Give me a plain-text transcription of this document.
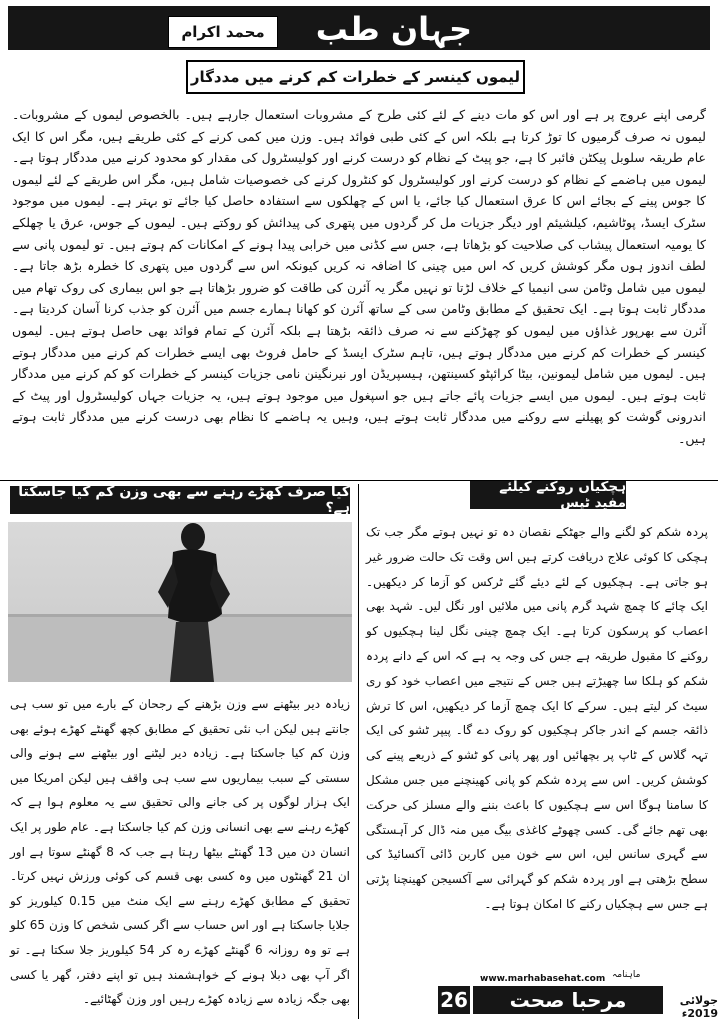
جہان طب
محمد اکرام
لیموں کینسر کے خطرات کم کرنے میں مددگار

گرمی اپنے عروج پر ہے اور اس کو مات دینے کے لئے کئی طرح کے مشروبات استعمال جارہے ہیں۔ بالخصوص لیموں کے مشروبات۔ لیموں نہ صرف گرمیوں کا توڑ کرتا ہے بلکہ اس کے کئی طبی فوائد ہیں۔ وزن میں کمی کرنے کے کئی طریقے ہیں، مگر اس کا ایک عام طریقہ سلوبل پیکٹن فائبر کا ہے، جو پیٹ کے نظام کو درست کرنے اور کولیسٹرول کی مقدار کو محدود کرنے میں مددگار ہوتا ہے۔ لیموں میں ہاضمے کے نظام کو درست کرنے اور کولیسٹرول کو کنٹرول کرنے کی خصوصیات شامل ہیں، مگر اس طریقے کے لئے لیموں کا جوس پینے کے بجائے اس کا عرق استعمال کیا جائے، یا اس کے چھلکوں سے استفادہ حاصل کیا جائے تو بہتر ہے۔ لیموں میں موجود سٹرک ایسڈ، پوٹاشیم، کیلشیئم اور دیگر جزیات مل کر گردوں میں پتھری کی پیدائش کو روکتے ہیں۔ لیموں کے جوس، عرق یا چھلکے کا یومیہ استعمال پیشاب کی صلاحیت کو بڑھاتا ہے، جس سے کڈنی میں خرابی پیدا ہونے کے امکانات کم ہوتے ہیں۔ تو لیموں پانی سے لطف اندوز ہوں مگر کوشش کریں کہ اس میں چینی کا اضافہ نہ کریں کیونکہ اس سے گردوں میں پتھری کا خطرہ بڑھ جاتا ہے۔ لیموں میں شامل وٹامن سی انیمیا کے خلاف لڑتا تو نہیں مگر یہ آئرن کی طاقت کو ضرور بڑھاتا ہے جو اس بیماری کی روک تھام میں مددگار ثابت ہوتا ہے۔ ایک تحقیق کے مطابق وٹامن سی کے ساتھ آئرن کو کھانا ہمارے جسم میں آئرن کو جذب کرنا آسان کردیتا ہے۔ آئرن سے بھرپور غذاؤں میں لیموں کو چھڑکنے سے نہ صرف ذائقہ بڑھتا ہے بلکہ آئرن کے تمام فوائد بھی حاصل ہوتے ہیں۔ لیموں کینسر کے خطرات کم کرنے میں مددگار ہوتے ہیں، تاہم سٹرک ایسڈ کے حامل فروٹ بھی ایسے خطرات کم کرنے میں مددگار ہوتے ہیں۔ لیموں میں شامل لیمونین، بیٹا کرائپٹو کسینتھن، ہیسپریڈن اور نیرنگینن نامی جزیات کینسر کے خطرات کو کم کرنے میں مددگار ثابت ہوتے ہیں۔ لیموں میں ایسے جزیات پائے جاتے ہیں جو اسپغول میں موجود ہوتے ہیں، یہ جزیات جہاں کولیسٹرول اور پیٹ کے اندرونی گوشت کو پھیلنے سے روکنے میں مددگار ثابت ہوتے ہیں، وہیں یہ ہاضمے کا نظام بھی درست کرنے میں مددگار ثابت ہوتے ہیں۔

کیا صرف کھڑے رہنے سے بھی وزن کم کیا جاسکتا ہے؟

زیادہ دیر بیٹھنے سے وزن بڑھنے کے رجحان کے بارے میں تو سب ہی جانتے ہیں لیکن اب نئی تحقیق کے مطابق کچھ گھنٹے کھڑے ہوئے بھی وزن کم کیا جاسکتا ہے۔ زیادہ دیر لیٹنے اور بیٹھنے سے ہونے والی سستی کے سبب بیماریوں سے سب ہی واقف ہیں لیکن امریکا میں ایک ہزار لوگوں پر کی جانے والی تحقیق سے یہ معلوم ہوا ہے کہ کھڑے رہنے سے بھی انسانی وزن کم کیا جاسکتا ہے۔ عام طور پر ایک انسان دن میں 13 گھنٹے بیٹھا رہتا ہے جب کہ 8 گھنٹے سوتا ہے اور ان 21 گھنٹوں میں وہ کسی بھی قسم کی کوئی ورزش نہیں کرتا۔ تحقیق کے مطابق کھڑے رہنے سے ایک منٹ میں 0.15 کیلوریز کو جلایا جاسکتا ہے اور اس حساب سے اگر کسی شخص کا وزن 65 کلو ہے تو وہ روزانہ 6 گھنٹے کھڑے رہ کر 54 کیلوریز جلا سکتا ہے۔ تو اگر آپ بھی دبلا ہونے کے خواہشمند ہیں تو اپنے دفتر، گھر یا کسی بھی جگہ زیادہ سے زیادہ کھڑے رہیں اور وزن گھٹائیے۔

ہچکیاں روکنے کیلئے مفید ٹپس

پردہ شکم کو لگنے والے جھٹکے نقصان دہ تو نہیں ہوتے مگر جب تک ہچکی کا کوئی علاج دریافت کرتے ہیں اس وقت تک حالت ضرور غیر ہو جاتی ہے۔ ہچکیوں کے لئے دیئے گئے ٹرکس کو آزما کر دیکھیں۔ ایک چائے کا چمچ شہد گرم پانی میں ملائیں اور نگل لیں۔ شہد بھی اعصاب کو پرسکون کرتا ہے۔ ایک چمچ چینی نگل لینا ہچکیوں کو روکنے کا مقبول طریقہ ہے جس کی وجہ یہ ہے کہ اس کے دانے پردہ شکم کو ہلکا سا چھیڑتے ہیں جس کے نتیجے میں اعصاب خود کو ری سیٹ کر لیتے ہیں۔ سرکے کا ایک چمچ آزما کر دیکھیں، اس کا ترش ذائقہ جسم کے اندر جاکر ہچکیوں کو روک دے گا۔ پیپر ٹشو کی ایک تہہ گلاس کے ٹاپ پر بچھائیں اور پھر پانی کو ٹشو کے ذریعے پینے کی کوشش کریں۔ اس سے پردہ شکم کو پانی کھینچنے میں جس مشکل کا سامنا ہوگا اس سے ہچکیوں کا باعث بننے والے مسلز کی حرکت بھی تھم جائے گی۔ کسی چھوٹے کاغذی بیگ میں منہ ڈال کر آہستگی سے گہری سانس لیں، اس سے خون میں کاربن ڈائی آکسائیڈ کی سطح بڑھتی ہے اور پردہ شکم کو گہرائی سے آکسیجن کھینچنا پڑتی ہے جس سے ہچکیاں رکنے کا امکان ہوتا ہے۔

www.marhabasehat.com ماہنامہ
26 مرحبا صحت	جولائی 2019ء
